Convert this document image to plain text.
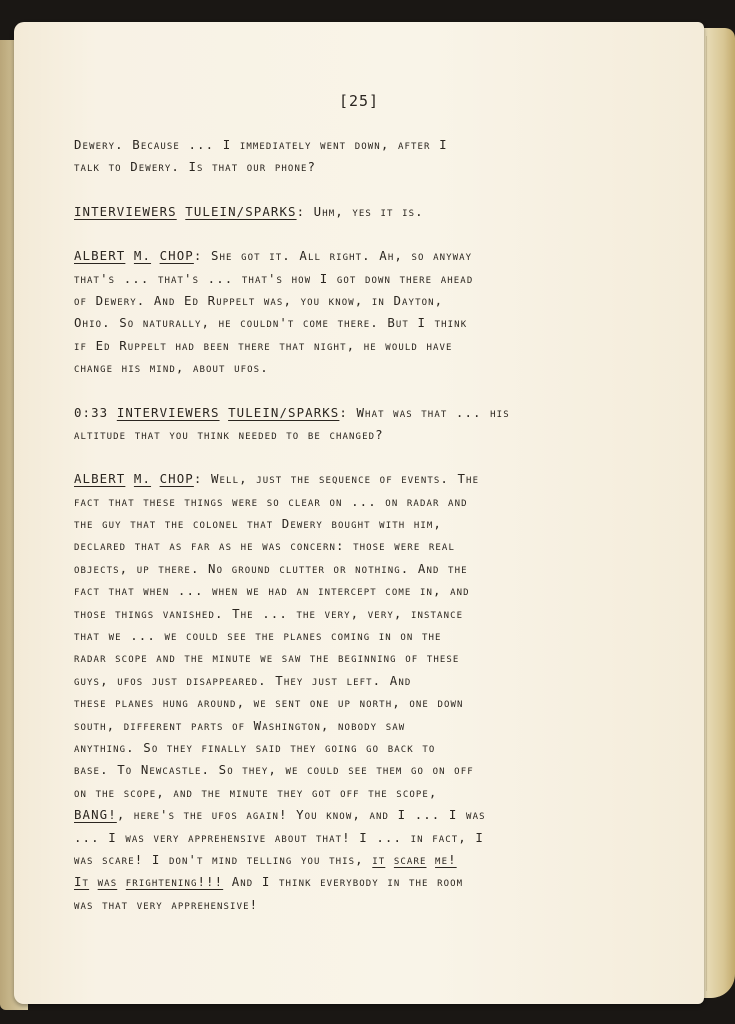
[25]
Dewery. Because ... I immediately went down, after I
talk to Dewery. Is that our phone?
INTERVIEWERS TULEIN/SPARKS: Uhm, yes it is.
ALBERT M. CHOP: She got it. All right. Ah, so anyway
that's ... that's ... that's how I got down there ahead
of Dewery. And Ed Ruppelt was, you know, in Dayton,
Ohio. So naturally, he couldn't come there. But I think
if Ed Ruppelt had been there that night, he would have
change his mind, about ufos.
0:33 INTERVIEWERS TULEIN/SPARKS: What was that ... his
altitude that you think needed to be changed?
ALBERT M. CHOP: Well, just the sequence of events. The
fact that these things were so clear on ... on radar and
the guy that the colonel that Dewery bought with him,
declared that as far as he was concern: those were real
objects, up there. No ground clutter or nothing. And the
fact that when ... when we had an intercept come in, and
those things vanished. The ... the very, very, instance
that we ... we could see the planes coming in on the
radar scope and the minute we saw the beginning of these
guys, ufos just disappeared. They just left. And
these planes hung around, we sent one up north, one down
south, different parts of Washington, nobody saw
anything. So they finally said they going go back to
base. To Newcastle. So they, we could see them go on off
on the scope, and the minute they got off the scope,
BANG!, here's the ufos again! You know, and I ... I was
... I was very apprehensive about that! I ... in fact, I
was scare! I don't mind telling you this, it scare me!
It was frightening!!! And I think everybody in the room
was that very apprehensive!
